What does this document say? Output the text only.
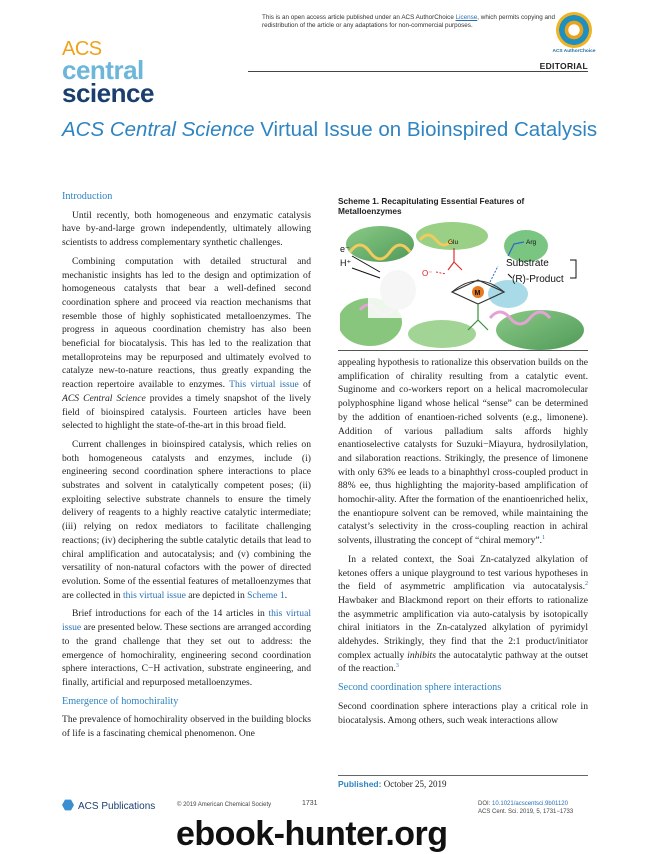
This is an open access article published under an ACS AuthorChoice License, which permits copying and redistribution of the article or any adaptations for non-commercial purposes.
ACS AuthorChoice
ACS
central
science
EDITORIAL
ACS Central Science Virtual Issue on Bioinspired Catalysis

Introduction

Until recently, both homogeneous and enzymatic catalysis have by-and-large grown independently, ultimately allowing scientists to address complementary synthetic challenges.

Combining computation with detailed structural and mechanistic insights has led to the design and optimization of homogeneous catalysts that bear a well-defined second coordination sphere and proceed via reaction mechanisms that resemble those of highly sophisticated metalloenzymes. The progress in aqueous coordination chemistry has also been beneficial for biocatalysis. This has led to the realization that metalloproteins may be repurposed and ultimately evolved to catalyze new-to-nature reactions, thus greatly expanding the reaction repertoire available to enzymes. This virtual issue of ACS Central Science provides a timely snapshot of the lively field of bioinspired catalysis. Fourteen articles have been selected to highlight the state-of-the-art in this broad field.

Current challenges in bioinspired catalysis, which relies on both homogeneous catalysts and enzymes, include (i) engineering second coordination sphere interactions to place substrates and solvent in catalytically competent poses; (ii) exploiting selective substrate channels to ensure the timely delivery of reagents to a highly reactive catalytic intermediate; (iii) relying on redox mediators to facilitate challenging reactions; (iv) deciphering the subtle catalytic details that lead to chiral amplification and autocatalysis; and (v) combining the versatility of non-natural cofactors with the power of directed evolution. Some of the essential features of metalloenzymes that are collected in this virtual issue are depicted in Scheme 1.

Brief introductions for each of the 14 articles in this virtual issue are presented below. These sections are arranged according to the grand challenge that they set out to address: the emergence of homochirality, engineering second coordination sphere interactions, C−H activation, substrate engineering, and finally, artificial and repurposed metalloenzymes.

Emergence of homochirality

The prevalence of homochirality observed in the building blocks of life is a fascinating chemical phenomenon. One

Scheme 1. Recapitulating Essential Features of Metalloenzymes
e⁻
H⁺
Glu
O⁻
M
Arg
Substrate
(R)-Product

appealing hypothesis to rationalize this observation builds on the amplification of chirality resulting from a catalytic event. Suginome and co-workers report on a helical macromolecular polyphosphine ligand whose helical “sense” can be determined by the addition of enantioen-riched solvents (e.g., limonene). Addition of various palladium salts affords highly enantioselective catalysts for Suzuki−Miayura, hydrosilylation, and silaboration reactions. Strikingly, the presence of limonene with only 63% ee leads to a binaphthyl cross-coupled product in 88% ee, thus highlighting the majority-based amplification of homochir-ality. After the formation of the enantioenriched helix, the enantiopure solvent can be removed, while maintaining the catalyst’s selectivity in the cross-coupling reaction in achiral solvents, illustrating the concept of “chiral memory”.$^1$

In a related context, the Soai Zn-catalyzed alkylation of ketones offers a unique playground to test various hypotheses in the field of asymmetric amplification via autocatalysis.$^2$ Hawbaker and Blackmond report on their efforts to rationalize the asymmetric amplification via auto-catalysis by isotopically chiral initiators in the Zn-catalyzed alkylation of pyrimidyl aldehydes. Strikingly, they find that the 2:1 product/initiator complex actually inhibits the autocatalytic pathway at the outset of the reaction.$^3$

Second coordination sphere interactions

Second coordination sphere interactions play a critical role in biocatalysis. Among others, such weak interactions allow

Published: October 25, 2019
ACS Publications	© 2019 American Chemical Society	1731	DOI: 10.1021/acscentsci.9b01120
ACS Cent. Sci. 2019, 5, 1731−1733
ebook-hunter.org
